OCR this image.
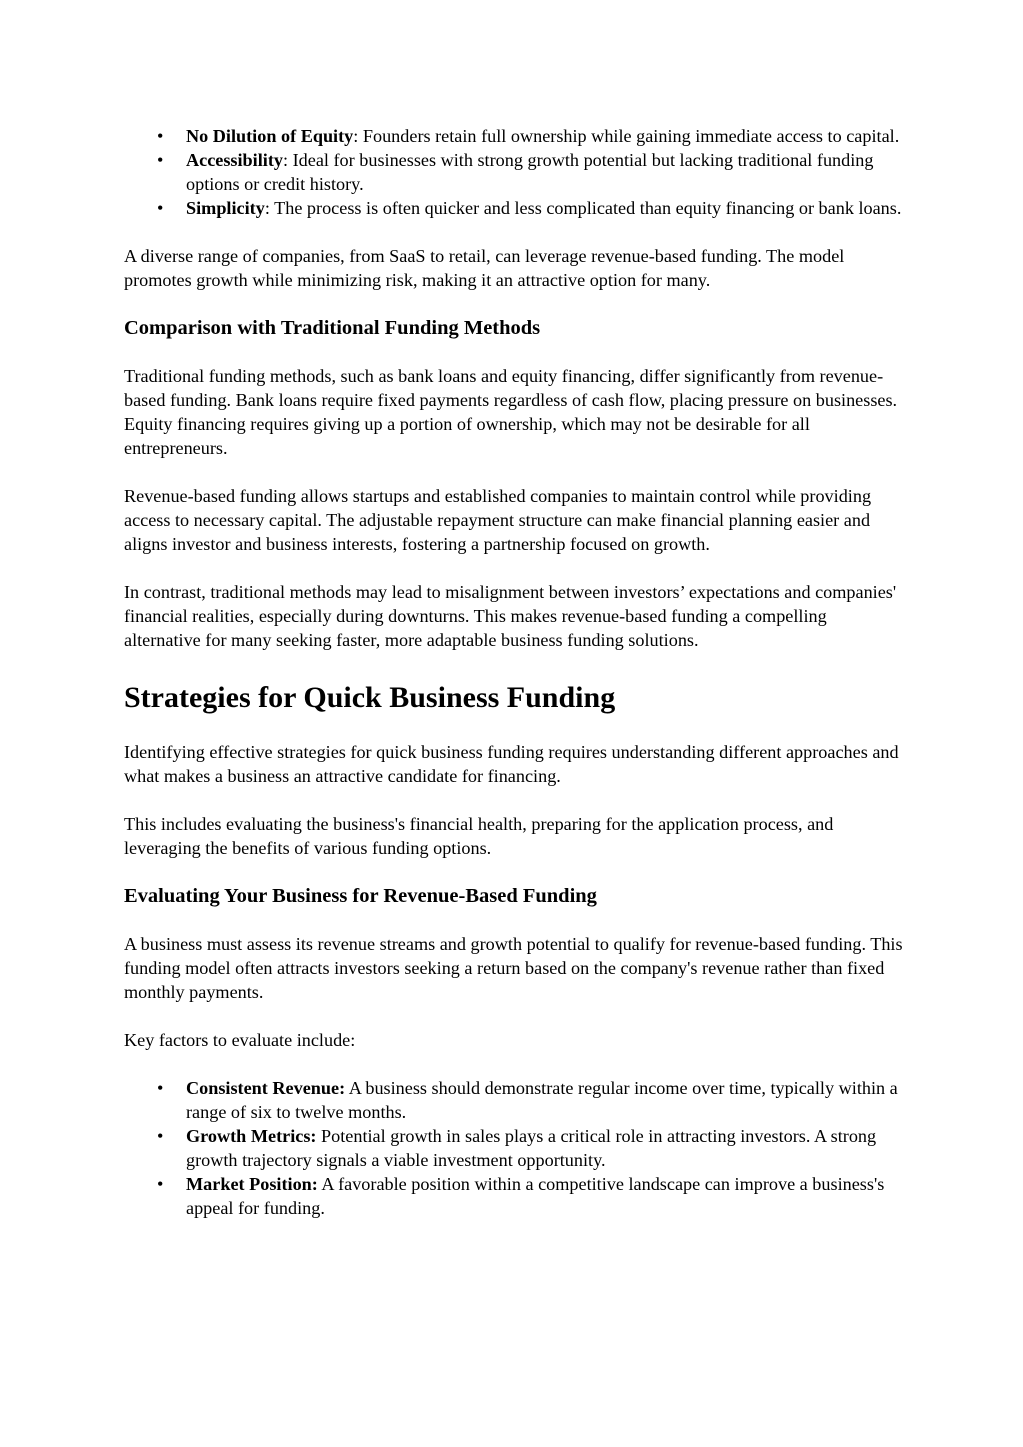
• No Dilution of Equity: Founders retain full ownership while gaining immediate access to capital.
• Accessibility: Ideal for businesses with strong growth potential but lacking traditional funding options or credit history.
• Simplicity: The process is often quicker and less complicated than equity financing or bank loans.

A diverse range of companies, from SaaS to retail, can leverage revenue-based funding. The model promotes growth while minimizing risk, making it an attractive option for many.

Comparison with Traditional Funding Methods

Traditional funding methods, such as bank loans and equity financing, differ significantly from revenue-based funding. Bank loans require fixed payments regardless of cash flow, placing pressure on businesses. Equity financing requires giving up a portion of ownership, which may not be desirable for all entrepreneurs.

Revenue-based funding allows startups and established companies to maintain control while providing access to necessary capital. The adjustable repayment structure can make financial planning easier and aligns investor and business interests, fostering a partnership focused on growth.

In contrast, traditional methods may lead to misalignment between investors’ expectations and companies' financial realities, especially during downturns. This makes revenue-based funding a compelling alternative for many seeking faster, more adaptable business funding solutions.

Strategies for Quick Business Funding

Identifying effective strategies for quick business funding requires understanding different approaches and what makes a business an attractive candidate for financing.

This includes evaluating the business's financial health, preparing for the application process, and leveraging the benefits of various funding options.

Evaluating Your Business for Revenue-Based Funding

A business must assess its revenue streams and growth potential to qualify for revenue-based funding. This funding model often attracts investors seeking a return based on the company's revenue rather than fixed monthly payments.

Key factors to evaluate include:

• Consistent Revenue: A business should demonstrate regular income over time, typically within a range of six to twelve months.
• Growth Metrics: Potential growth in sales plays a critical role in attracting investors. A strong growth trajectory signals a viable investment opportunity.
• Market Position: A favorable position within a competitive landscape can improve a business's appeal for funding.
